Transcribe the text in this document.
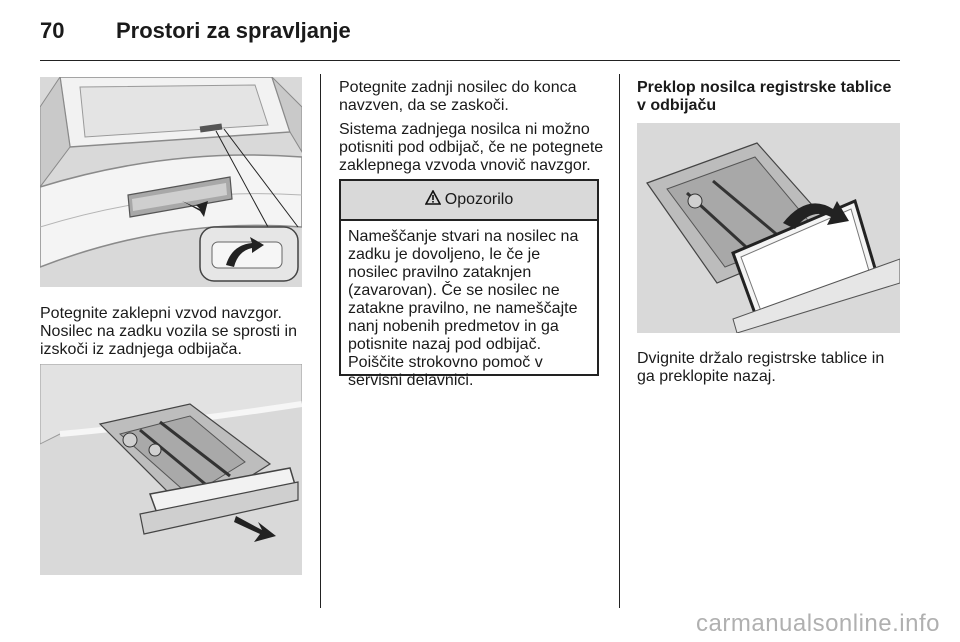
70	Prostori za spravljanje

Potegnite zaklepni vzvod navzgor. Nosilec na zadku vozila se sprosti in izskoči iz zadnjega odbijača.

Potegnite zadnji nosilec do konca navzven, da se zaskoči.

Sistema zadnjega nosilca ni možno potisniti pod odbijač, če ne potegnete zaklepnega vzvoda vnovič navzgor.

Opozorilo
Nameščanje stvari na nosilec na zadku je dovoljeno, le če je nosilec pravilno zataknjen (zavarovan). Če se nosilec ne zatakne pravilno, ne nameščajte nanj nobenih predmetov in ga potisnite nazaj pod odbijač. Poiščite strokovno pomoč v servisni delavnici.

Preklop nosilca registrske tablice v odbijaču

Dvignite držalo registrske tablice in ga preklopite nazaj.

carmanualsonline.info
